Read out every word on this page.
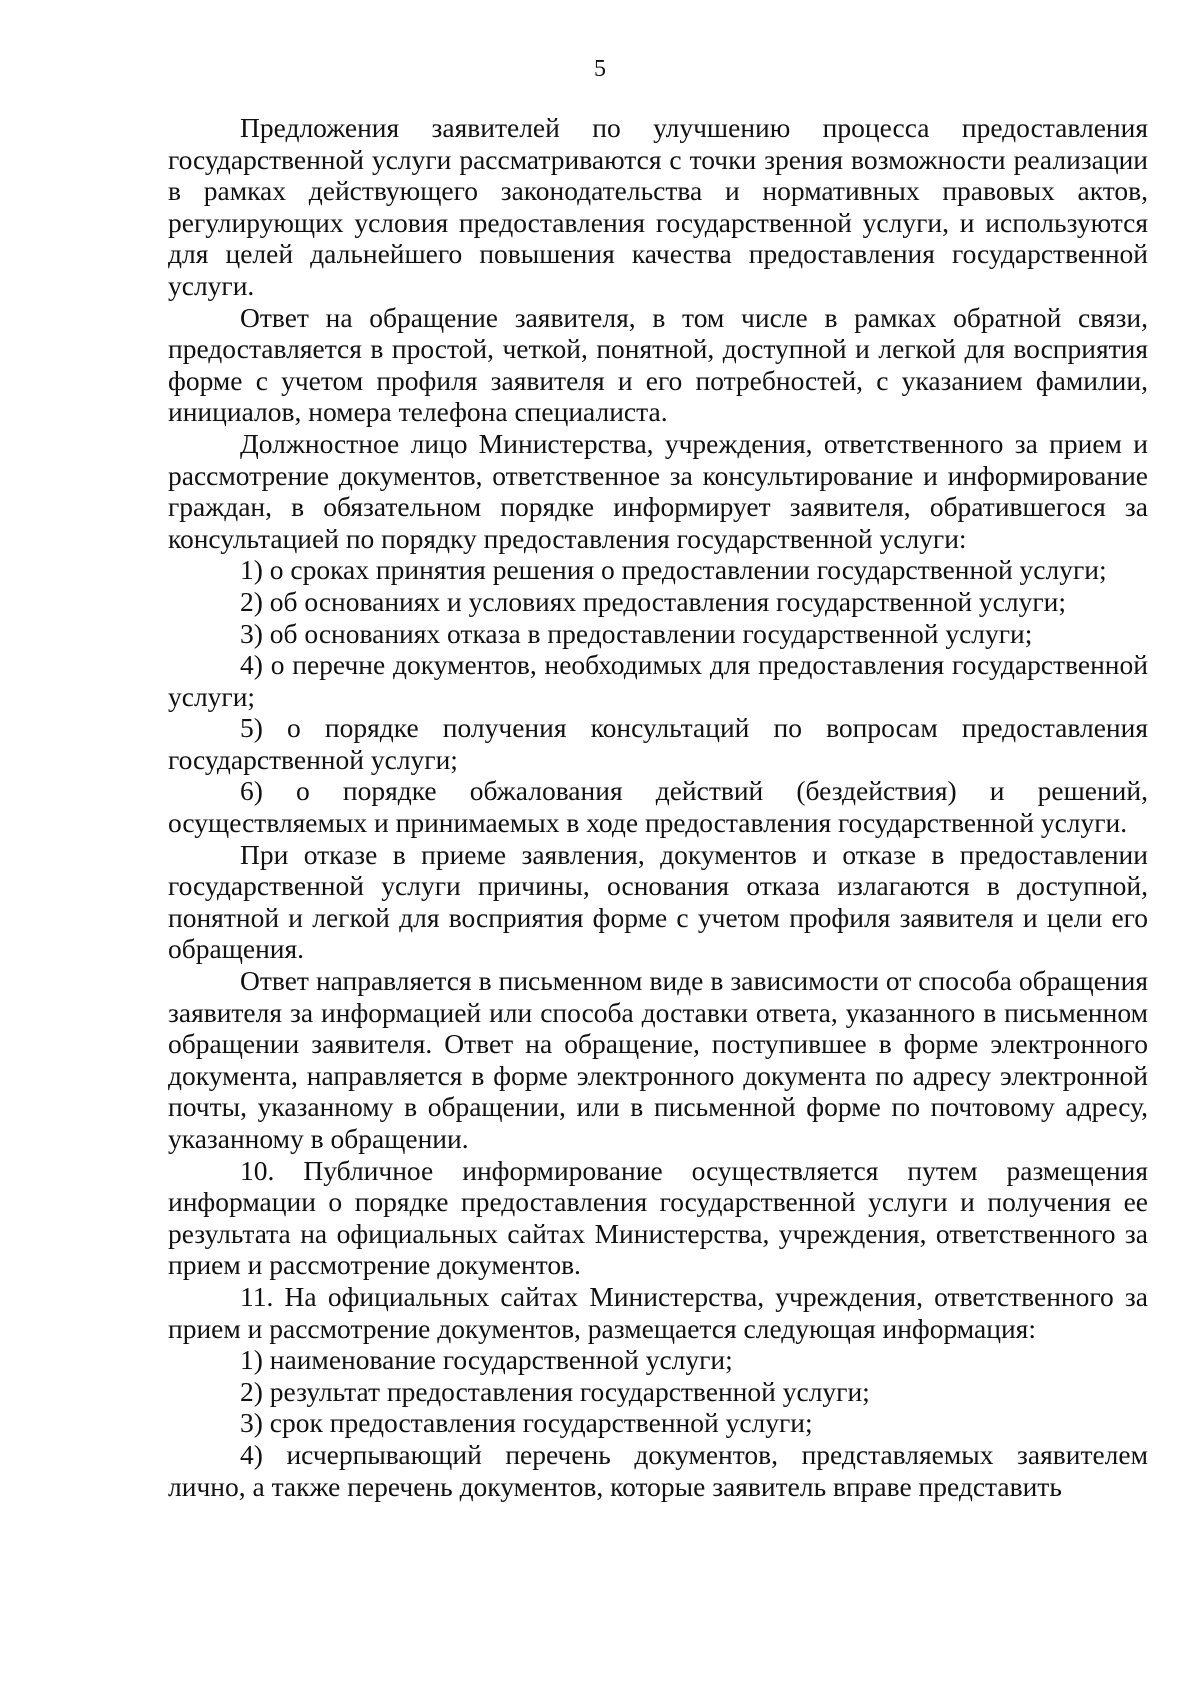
5

Предложения заявителей по улучшению процесса предоставления государственной услуги рассматриваются с точки зрения возможности реализации в рамках действующего законодательства и нормативных правовых актов, регулирующих условия предоставления государственной услуги, и используются для целей дальнейшего повышения качества предоставления государственной услуги.

Ответ на обращение заявителя, в том числе в рамках обратной связи, предоставляется в простой, четкой, понятной, доступной и легкой для восприятия форме с учетом профиля заявителя и его потребностей, с указанием фамилии, инициалов, номера телефона специалиста.

Должностное лицо Министерства, учреждения, ответственного за прием и рассмотрение документов, ответственное за консультирование и информирование граждан, в обязательном порядке информирует заявителя, обратившегося за консультацией по порядку предоставления государственной услуги:

1) о сроках принятия решения о предоставлении государственной услуги;

2) об основаниях и условиях предоставления государственной услуги;

3) об основаниях отказа в предоставлении государственной услуги;

4) о перечне документов, необходимых для предоставления государственной услуги;

5) о порядке получения консультаций по вопросам предоставления государственной услуги;

6) о порядке обжалования действий (бездействия) и решений, осуществляемых и принимаемых в ходе предоставления государственной услуги.

При отказе в приеме заявления, документов и отказе в предоставлении государственной услуги причины, основания отказа излагаются в доступной, понятной и легкой для восприятия форме с учетом профиля заявителя и цели его обращения.

Ответ направляется в письменном виде в зависимости от способа обращения заявителя за информацией или способа доставки ответа, указанного в письменном обращении заявителя. Ответ на обращение, поступившее в форме электронного документа, направляется в форме электронного документа по адресу электронной почты, указанному в обращении, или в письменной форме по почтовому адресу, указанному в обращении.

10. Публичное информирование осуществляется путем размещения информации о порядке предоставления государственной услуги и получения ее результата на официальных сайтах Министерства, учреждения, ответственного за прием и рассмотрение документов.

11. На официальных сайтах Министерства, учреждения, ответственного за прием и рассмотрение документов, размещается следующая информация:

1) наименование государственной услуги;

2) результат предоставления государственной услуги;

3) срок предоставления государственной услуги;

4) исчерпывающий перечень документов, представляемых заявителем лично, а также перечень документов, которые заявитель вправе представить
